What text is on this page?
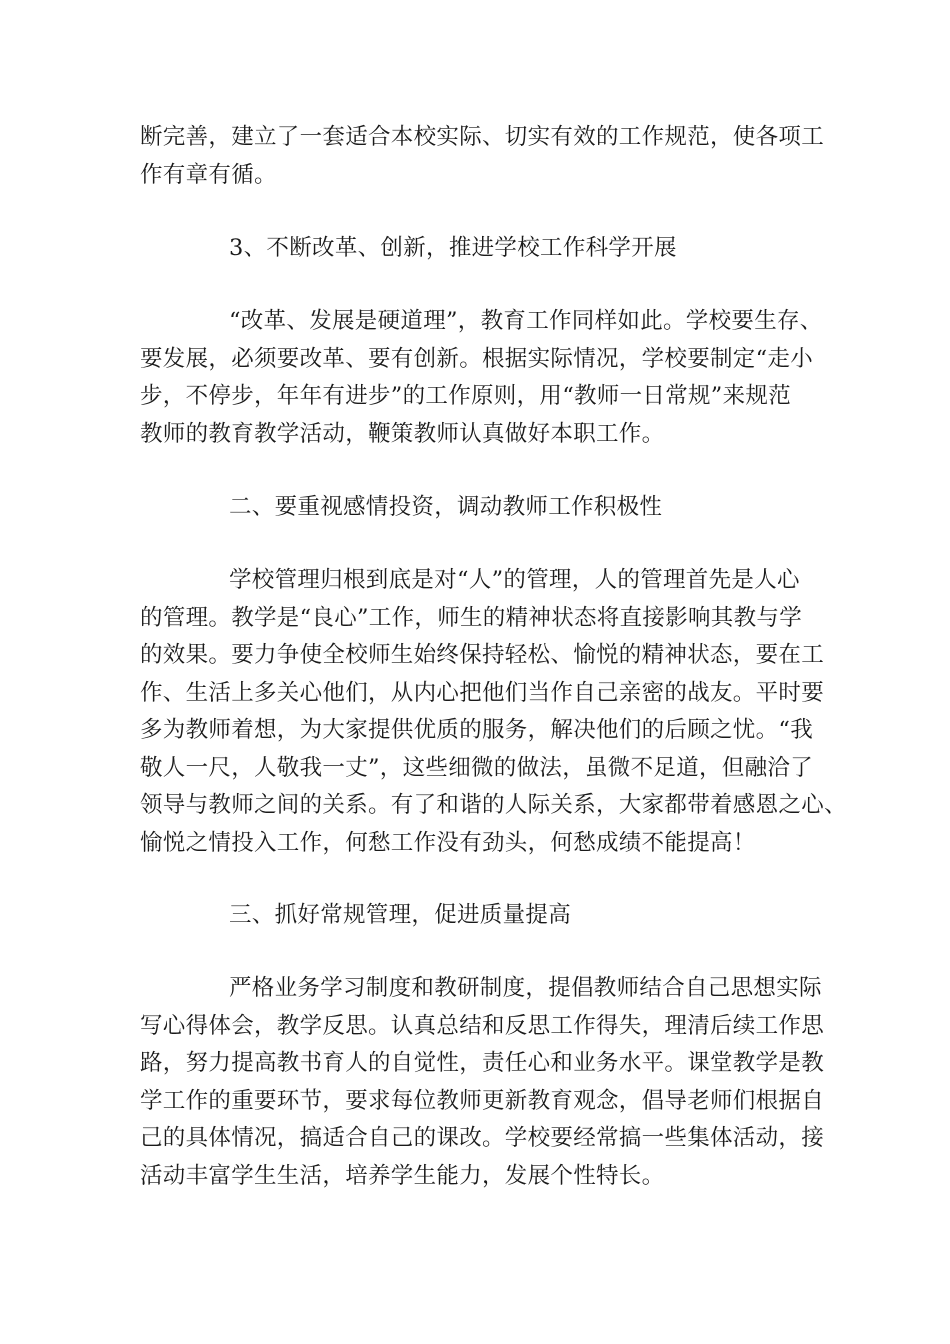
断完善，建立了一套适合本校实际、切实有效的工作规范，使各项工
作有章有循。
3、不断改革、创新，推进学校工作科学开展
“改革、发展是硬道理”，教育工作同样如此。学校要生存、
要发展，必须要改革、要有创新。根据实际情况，学校要制定“走小
步，不停步，年年有进步”的工作原则，用“教师一日常规”来规范
教师的教育教学活动，鞭策教师认真做好本职工作。
二、要重视感情投资，调动教师工作积极性
学校管理归根到底是对“人”的管理，人的管理首先是人心
的管理。教学是“良心”工作，师生的精神状态将直接影响其教与学
的效果。要力争使全校师生始终保持轻松、愉悦的精神状态，要在工
作、生活上多关心他们，从内心把他们当作自己亲密的战友。平时要
多为教师着想，为大家提供优质的服务，解决他们的后顾之忧。“我
敬人一尺，人敬我一丈”，这些细微的做法，虽微不足道，但融洽了
领导与教师之间的关系。有了和谐的人际关系，大家都带着感恩之心、
愉悦之情投入工作，何愁工作没有劲头，何愁成绩不能提高！
三、抓好常规管理，促进质量提高
严格业务学习制度和教研制度，提倡教师结合自己思想实际
写心得体会，教学反思。认真总结和反思工作得失，理清后续工作思
路，努力提高教书育人的自觉性，责任心和业务水平。课堂教学是教
学工作的重要环节，要求每位教师更新教育观念，倡导老师们根据自
己的具体情况，搞适合自己的课改。学校要经常搞一些集体活动，接
活动丰富学生生活，培养学生能力，发展个性特长。
